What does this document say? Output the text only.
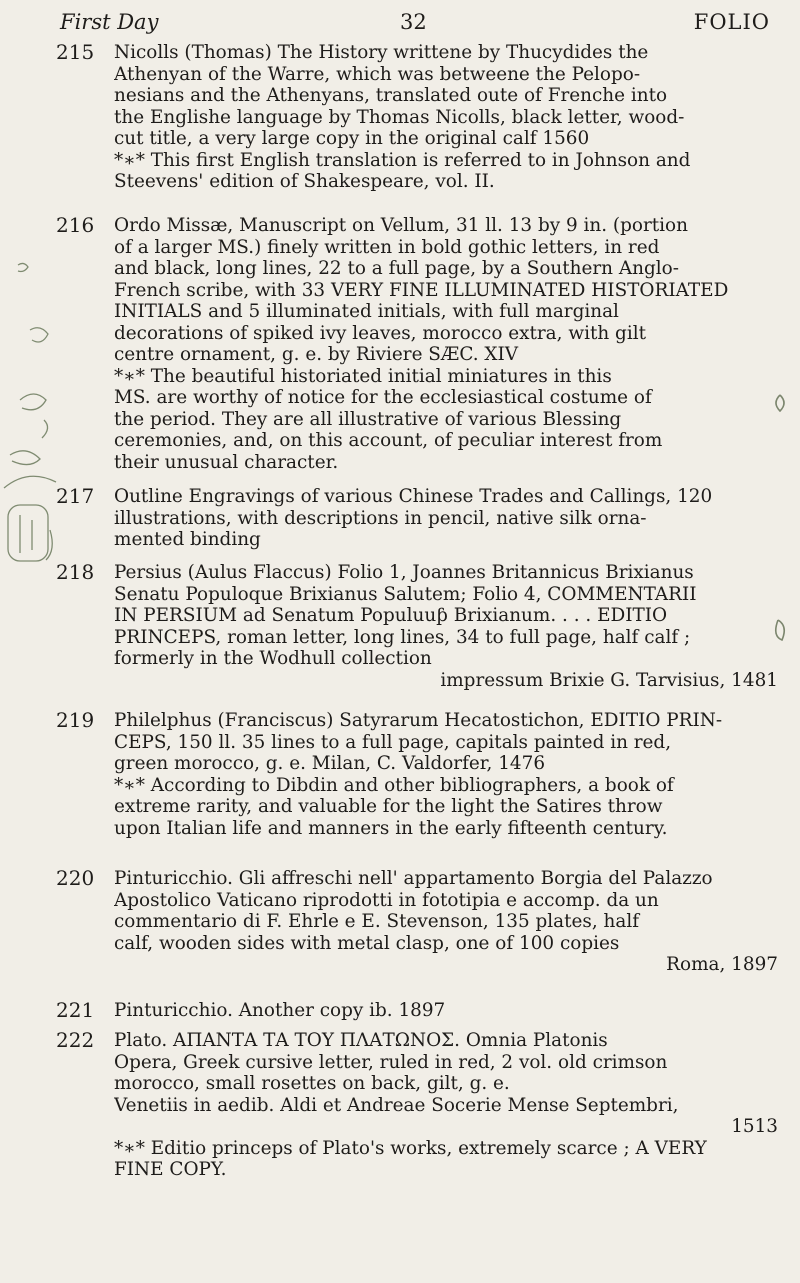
First Day	32	FOLIO
215 Nicolls (Thomas) The History writtene by Thucydides the
Athenyan of the Warre, which was betweene the Pelopo-
nesians and the Athenyans, translated oute of Frenche into
the Englishe language by Thomas Nicolls, black letter, wood-
cut title, a very large copy in the original calf 1560
*∗* This first English translation is referred to in Johnson and
Steevens' edition of Shakespeare, vol. II.
216 Ordo Missæ, Manuscript on Vellum, 31 ll. 13 by 9 in. (portion
of a larger MS.) finely written in bold gothic letters, in red
and black, long lines, 22 to a full page, by a Southern Anglo-
French scribe, with 33 VERY FINE ILLUMINATED HISTORIATED
INITIALS and 5 illuminated initials, with full marginal
decorations of spiked ivy leaves, morocco extra, with gilt
centre ornament, g. e. by Riviere SÆC. XIV
*∗* The beautiful historiated initial miniatures in this
MS. are worthy of notice for the ecclesiastical costume of
the period. They are all illustrative of various Blessing
ceremonies, and, on this account, of peculiar interest from
their unusual character.
217 Outline Engravings of various Chinese Trades and Callings, 120
illustrations, with descriptions in pencil, native silk orna-
mented binding
218 Persius (Aulus Flaccus) Folio 1, Joannes Britannicus Brixianus
Senatu Populoque Brixianus Salutem; Folio 4, COMMENTARII
IN PERSIUM ad Senatum Populuuƥ Brixianum. . . . EDITIO
PRINCEPS, roman letter, long lines, 34 to full page, half calf ;
formerly in the Wodhull collection
impressum Brixie G. Tarvisius, 1481
219 Philelphus (Franciscus) Satyrarum Hecatostichon, EDITIO PRIN-
CEPS, 150 ll. 35 lines to a full page, capitals painted in red,
green morocco, g. e. Milan, C. Valdorfer, 1476
*∗* According to Dibdin and other bibliographers, a book of
extreme rarity, and valuable for the light the Satires throw
upon Italian life and manners in the early fifteenth century.
220 Pinturicchio. Gli affreschi nell' appartamento Borgia del Palazzo
Apostolico Vaticano riprodotti in fototipia e accomp. da un
commentario di F. Ehrle e E. Stevenson, 135 plates, half
calf, wooden sides with metal clasp, one of 100 copies
Roma, 1897
221 Pinturicchio. Another copy ib. 1897
222 Plato. ΑΠΑΝΤΑ ΤΑ ΤΟΥ ΠΛΑΤΩΝΟΣ. Omnia Platonis
Opera, Greek cursive letter, ruled in red, 2 vol. old crimson
morocco, small rosettes on back, gilt, g. e.
Venetiis in aedib. Aldi et Andreae Socerie Mense Septembri,
1513
*∗* Editio princeps of Plato's works, extremely scarce ; A VERY
FINE COPY.
